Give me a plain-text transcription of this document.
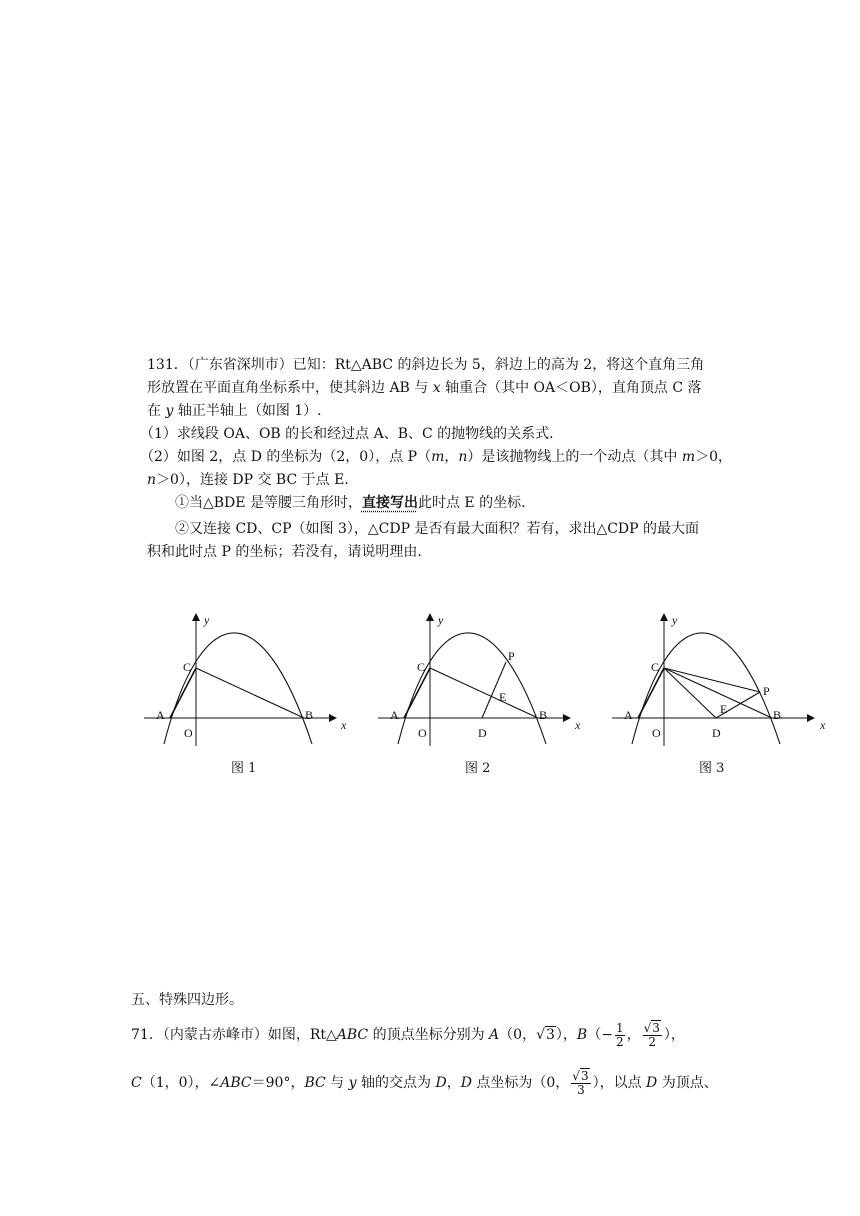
131．（广东省深圳市）已知：Rt△ABC 的斜边长为 5，斜边上的高为 2，将这个直角三角
形放置在平面直角坐标系中，使其斜边 AB 与 x 轴重合（其中 OA＜OB），直角顶点 C 落
在 y 轴正半轴上（如图 1）.
（1）求线段 OA、OB 的长和经过点 A、B、C 的抛物线的关系式.
（2）如图 2，点 D 的坐标为（2，0），点 P（m，n）是该抛物线上的一个动点（其中 m＞0，
n＞0），连接 DP 交 BC 于点 E.
①当△BDE 是等腰三角形时，直接写出此时点 E 的坐标.
②又连接 CD、CP（如图 3），△CDP 是否有最大面积？若有，求出△CDP 的最大面
积和此时点 P 的坐标；若没有，请说明理由.
y
x
C
A	B
O
图 1
y
x
C
A	B
O	D
E
P
图 2
y
x
C
A	B
O	D
E
P
图 3
五、特殊四边形。
71．（内蒙古赤峰市）如图，Rt△ABC 的顶点坐标分别为 A（0，√3），$B(- \frac{1}{2}$ ， $\frac{√3}{2}$ ），
C（1，0），∠ABC＝90°，BC 与 y 轴的交点为 D，D 点坐标为（0， $\frac{√3}{3}$ ），以点 D 为顶点、
